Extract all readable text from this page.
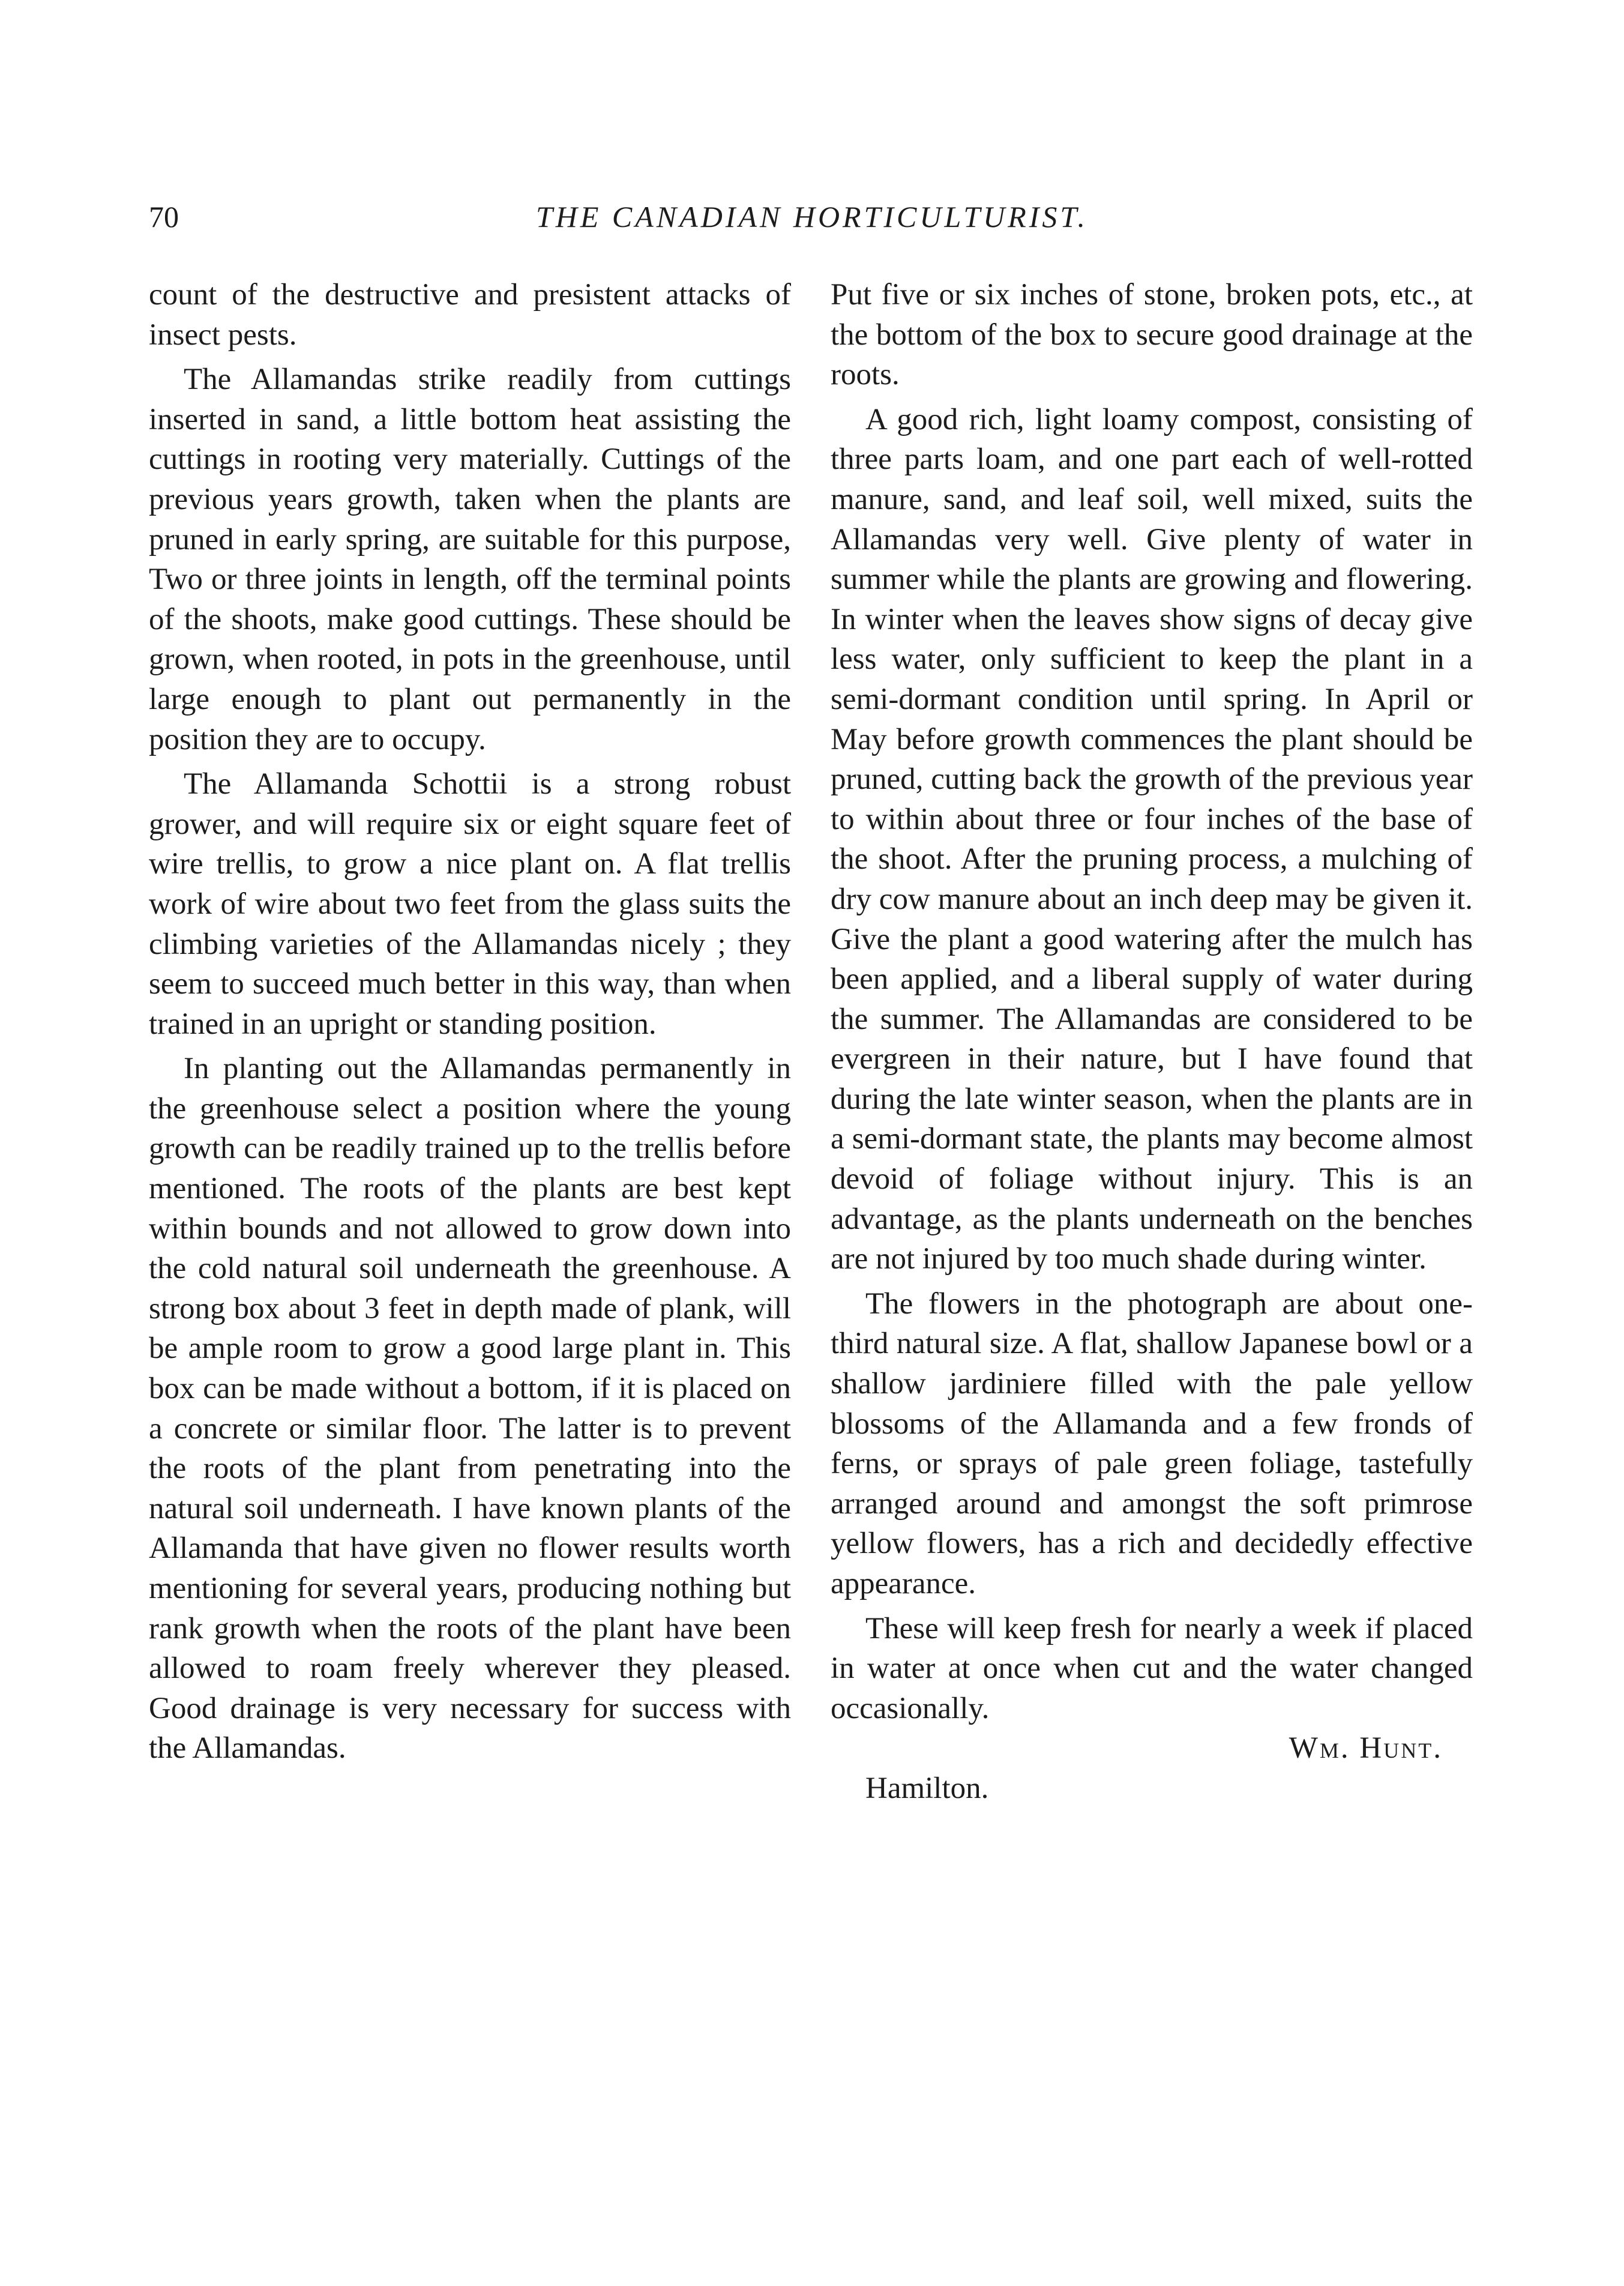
70	THE CANADIAN HORTICULTURIST.

count of the destructive and presistent attacks of insect pests.

The Allamandas strike readily from cuttings inserted in sand, a little bottom heat assisting the cuttings in rooting very materially. Cuttings of the previous years growth, taken when the plants are pruned in early spring, are suitable for this purpose, Two or three joints in length, off the terminal points of the shoots, make good cuttings. These should be grown, when rooted, in pots in the greenhouse, until large enough to plant out permanently in the position they are to occupy.

The Allamanda Schottii is a strong robust grower, and will require six or eight square feet of wire trellis, to grow a nice plant on. A flat trellis work of wire about two feet from the glass suits the climbing varieties of the Allamandas nicely ; they seem to succeed much better in this way, than when trained in an upright or standing position.

In planting out the Allamandas permanently in the greenhouse select a position where the young growth can be readily trained up to the trellis before mentioned. The roots of the plants are best kept within bounds and not allowed to grow down into the cold natural soil underneath the greenhouse. A strong box about 3 feet in depth made of plank, will be ample room to grow a good large plant in. This box can be made without a bottom, if it is placed on a concrete or similar floor. The latter is to prevent the roots of the plant from penetrating into the natural soil underneath. I have known plants of the Allamanda that have given no flower results worth mentioning for several years, producing nothing but rank growth when the roots of the plant have been allowed to roam freely wherever they pleased. Good drainage is very necessary for success with the Allamandas.

Put five or six inches of stone, broken pots, etc., at the bottom of the box to secure good drainage at the roots.

A good rich, light loamy compost, consisting of three parts loam, and one part each of well-rotted manure, sand, and leaf soil, well mixed, suits the Allamandas very well. Give plenty of water in summer while the plants are growing and flowering. In winter when the leaves show signs of decay give less water, only sufficient to keep the plant in a semi-dormant condition until spring. In April or May before growth commences the plant should be pruned, cutting back the growth of the previous year to within about three or four inches of the base of the shoot. After the pruning process, a mulching of dry cow manure about an inch deep may be given it. Give the plant a good watering after the mulch has been applied, and a liberal supply of water during the summer. The Allamandas are considered to be evergreen in their nature, but I have found that during the late winter season, when the plants are in a semi-dormant state, the plants may become almost devoid of foliage without injury. This is an advantage, as the plants underneath on the benches are not injured by too much shade during winter.

The flowers in the photograph are about one-third natural size. A flat, shallow Japanese bowl or a shallow jardiniere filled with the pale yellow blossoms of the Allamanda and a few fronds of ferns, or sprays of pale green foliage, tastefully arranged around and amongst the soft primrose yellow flowers, has a rich and decidedly effective appearance.

These will keep fresh for nearly a week if placed in water at once when cut and the water changed occasionally.

Wm. Hunt.

Hamilton.
